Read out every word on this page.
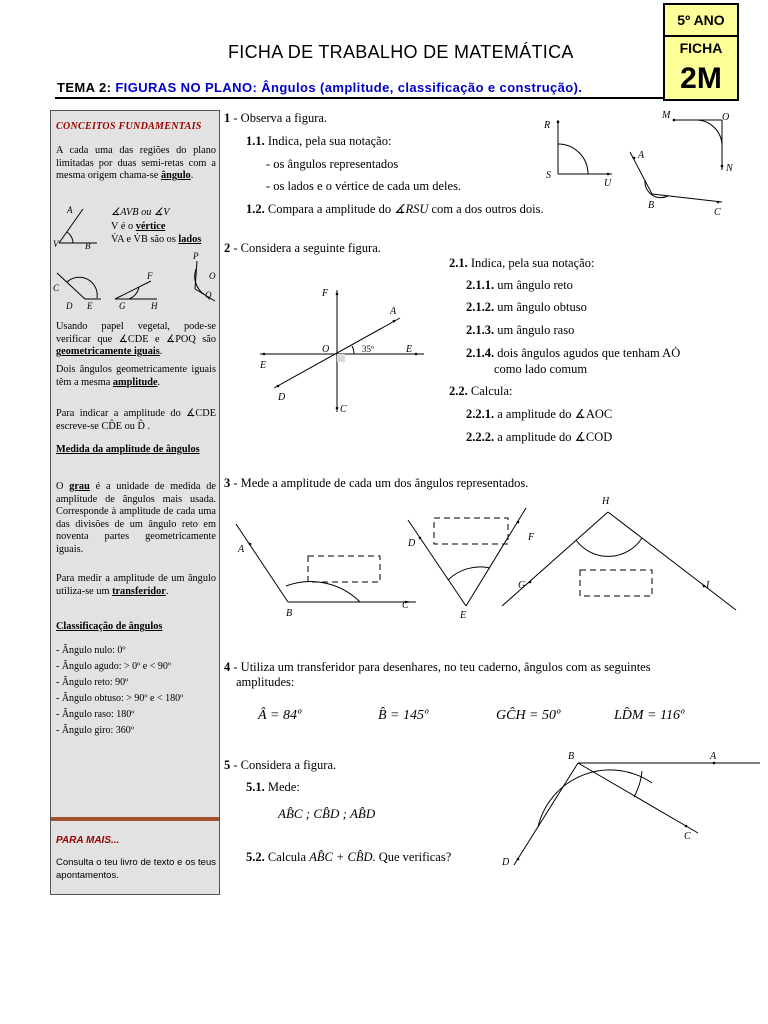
5º ANO
FICHA
2M
FICHA DE TRABALHO DE MATEMÁTICA
TEMA 2: FIGURAS NO PLANO: Ângulos (amplitude, classificação e construção).
CONCEITOS FUNDAMENTAIS
A cada uma das regiões do plano limitadas por duas semi-retas com a mesma origem chama-se ângulo.
A
V	B
∡AVB ou ∡V
V é o vértice
V̇A e V̇B são os lados
C
D E
F
G	H
P
O
Q
Usando papel vegetal, pode-se verificar que ∡CDE e ∡POQ são geometricamente iguais.
Dois ângulos geometricamente iguais têm a mesma amplitude.
Para indicar a amplitude do ∡CDE escreve-se CD̂E ou D̂ .
Medida da amplitude de ângulos
O grau é a unidade de medida de amplitude de ângulos mais usada. Corresponde à amplitude de cada uma das divisões de um ângulo reto em noventa partes geometricamente iguais.
Para medir a amplitude de um ângulo utiliza-se um transferidor.
Classificação de ângulos
- Ângulo nulo: 0º
- Ângulo agudo: > 0º e < 90º
- Ângulo reto: 90º
- Ângulo obtuso: > 90º e < 180º
- Ângulo raso: 180º
- Ângulo giro: 360º
PARA MAIS...
Consulta o teu livro de texto e os teus apontamentos.
1 - Observa a figura.
1.1. Indica, pela sua notação:
- os ângulos representados
- os lados e o vértice de cada um deles.
1.2. Compara a amplitude do ∡RSU com a dos outros dois.
R
S
U
M	O
N
A
B
C
2 - Considera a seguinte figura.
2.1. Indica, pela sua notação:
2.1.1. um ângulo reto
2.1.2. um ângulo obtuso
2.1.3. um ângulo raso
2.1.4. dois ângulos agudos que tenham AȮ
como lado comum
2.2. Calcula:
2.2.1. a amplitude do ∡AOC
2.2.2. a amplitude do ∡COD
F
A
O	E
E
D
C
35º
3 - Mede a amplitude de cada um dos ângulos representados.
A
B
C
D
F
E
H
G	I
4 - Utiliza um transferidor para desenhares, no teu caderno, ângulos com as seguintes
amplitudes:
Â = 84º	B̂ = 145º	GĈH = 50º	LD̂M = 116º
5 - Considera a figura.
5.1. Mede:
AB̂C ; CB̂D ; AB̂D
5.2. Calcula AB̂C + CB̂D. Que verificas?
B	A
C
D
